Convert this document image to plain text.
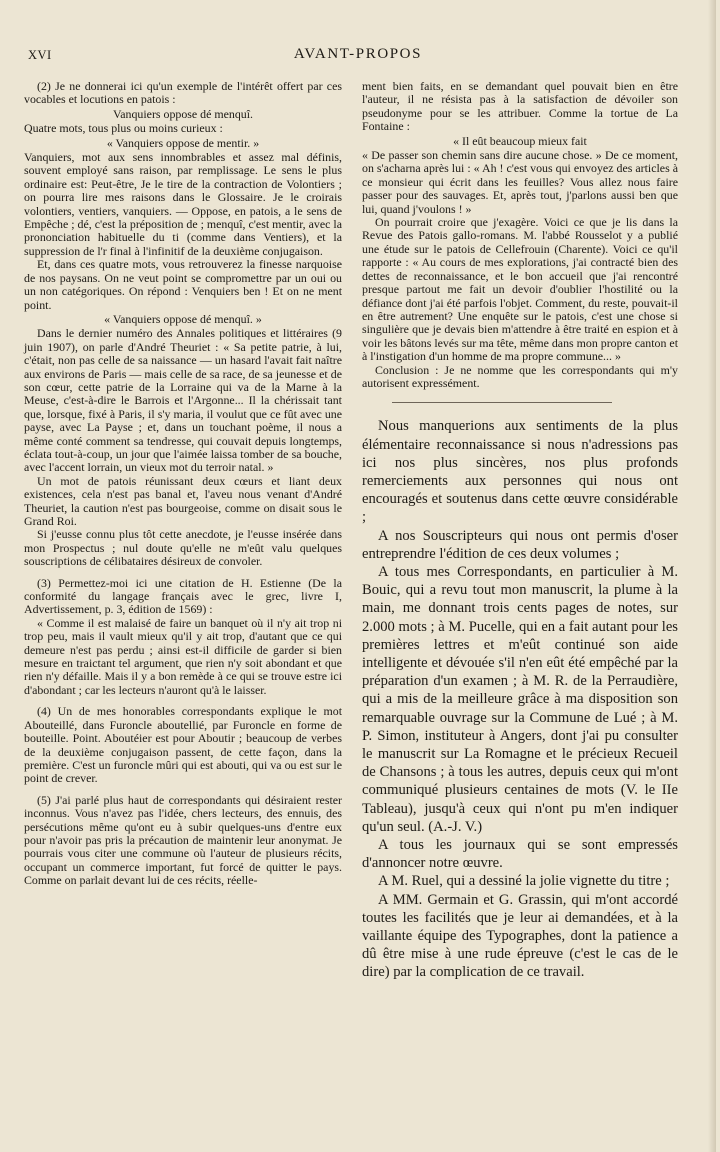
XVI	AVANT-PROPOS

(2) Je ne donnerai ici qu'un exemple de l'intérêt offert par ces vocables et locutions en patois :

Vanquiers oppose dé menquî.

Quatre mots, tous plus ou moins curieux :

« Vanquiers oppose de mentir. »

Vanquiers, mot aux sens innombrables et assez mal définis, souvent employé sans raison, par remplissage. Le sens le plus ordinaire est: Peut-être, Je le tire de la contraction de Volontiers ; on pourra lire mes raisons dans le Glossaire. Je le croirais volontiers, ventiers, vanquiers. — Oppose, en patois, a le sens de Empêche ; dé, c'est la préposition de ; menquî, c'est mentir, avec la prononciation habituelle du ti (comme dans Ventiers), et la suppression de l'r final à l'infinitif de la deuxième conjugaison.

Et, dans ces quatre mots, vous retrouverez la finesse narquoise de nos paysans. On ne veut point se compromettre par un oui ou un non catégoriques. On répond : Venquiers ben ! Et on ne ment point.

« Vanquiers oppose dé menquî. »

Dans le dernier numéro des Annales politiques et littéraires (9 juin 1907), on parle d'André Theuriet : « Sa petite patrie, à lui, c'était, non pas celle de sa naissance — un hasard l'avait fait naître aux environs de Paris — mais celle de sa race, de sa jeunesse et de son cœur, cette patrie de la Lorraine qui va de la Marne à la Meuse, c'est-à-dire le Barrois et l'Argonne... Il la chérissait tant que, lorsque, fixé à Paris, il s'y maria, il voulut que ce fût avec une payse, avec La Payse ; et, dans un touchant poème, il nous a même conté comment sa tendresse, qui couvait depuis longtemps, éclata tout-à-coup, un jour que l'aimée laissa tomber de sa bouche, avec l'accent lorrain, un vieux mot du terroir natal. »

Un mot de patois réunissant deux cœurs et liant deux existences, cela n'est pas banal et, l'aveu nous venant d'André Theuriet, la caution n'est pas bourgeoise, comme on disait sous le Grand Roi.

Si j'eusse connu plus tôt cette anecdote, je l'eusse insérée dans mon Prospectus ; nul doute qu'elle ne m'eût valu quelques souscriptions de célibataires désireux de convoler.

(3) Permettez-moi ici une citation de H. Estienne (De la conformité du langage français avec le grec, livre I, Advertissement, p. 3, édition de 1569) :

« Comme il est malaisé de faire un banquet où il n'y ait trop ni trop peu, mais il vault mieux qu'il y ait trop, d'autant que ce qui demeure n'est pas perdu ; ainsi est-il difficile de garder si bien mesure en traictant tel argument, que rien n'y soit abondant et que rien n'y défaille. Mais il y a bon remède à ce qui se trouve estre ici d'abondant ; car les lecteurs n'auront qu'à le laisser.

(4) Un de mes honorables correspondants explique le mot Abouteillé, dans Furoncle aboutellié, par Furoncle en forme de bouteille. Point. Aboutéier est pour Aboutir ; beaucoup de verbes de la deuxième conjugaison passent, de cette façon, dans la première. C'est un furoncle mûri qui est abouti, qui va ou est sur le point de crever.

(5) J'ai parlé plus haut de correspondants qui désiraient rester inconnus. Vous n'avez pas l'idée, chers lecteurs, des ennuis, des persécutions même qu'ont eu à subir quelques-uns d'entre eux pour n'avoir pas pris la précaution de maintenir leur anonymat. Je pourrais vous citer une commune où l'auteur de plusieurs récits, occupant un commerce important, fut forcé de quitter le pays. Comme on parlait devant lui de ces récits, réelle-

ment bien faits, en se demandant quel pouvait bien en être l'auteur, il ne résista pas à la satisfaction de dévoiler son pseudonyme pour se les attribuer. Comme la tortue de La Fontaine :

« Il eût beaucoup mieux fait

« De passer son chemin sans dire aucune chose. » De ce moment, on s'acharna après lui : « Ah ! c'est vous qui envoyez des articles à ce monsieur qui écrit dans les feuilles? Vous allez nous faire passer pour des sauvages. Et, après tout, j'parlons aussi ben que lui, quand j'voulons ! »

On pourrait croire que j'exagère. Voici ce que je lis dans la Revue des Patois gallo-romans. M. l'abbé Rousselot y a publié une étude sur le patois de Cellefrouin (Charente). Voici ce qu'il rapporte : « Au cours de mes explorations, j'ai contracté bien des dettes de reconnaissance, et le bon accueil que j'ai rencontré presque partout me fait un devoir d'oublier l'hostilité ou la défiance dont j'ai été parfois l'objet. Comment, du reste, pouvait-il en être autrement? Une enquête sur le patois, c'est une chose si singulière que je devais bien m'attendre à être traité en espion et à voir les bâtons levés sur ma tête, même dans mon propre canton et à l'instigation d'un homme de ma propre commune... »

Conclusion : Je ne nomme que les correspondants qui m'y autorisent expressément.

Nous manquerions aux sentiments de la plus élémentaire reconnaissance si nous n'adressions pas ici nos plus sincères, nos plus profonds remerciements aux personnes qui nous ont encouragés et soutenus dans cette œuvre considérable ;

A nos Souscripteurs qui nous ont permis d'oser entreprendre l'édition de ces deux volumes ;

A tous mes Correspondants, en particulier à M. Bouic, qui a revu tout mon manuscrit, la plume à la main, me donnant trois cents pages de notes, sur 2.000 mots ; à M. Pucelle, qui en a fait autant pour les premières lettres et m'eût continué son aide intelligente et dévouée s'il n'en eût été empêché par la préparation d'un examen ; à M. R. de la Perraudière, qui a mis de la meilleure grâce à ma disposition son remarquable ouvrage sur la Commune de Lué ; à M. P. Simon, instituteur à Angers, dont j'ai pu consulter le manuscrit sur La Romagne et le précieux Recueil de Chansons ; à tous les autres, depuis ceux qui m'ont communiqué plusieurs centaines de mots (V. le IIe Tableau), jusqu'à ceux qui n'ont pu m'en indiquer qu'un seul. (A.-J. V.)

A tous les journaux qui se sont empressés d'annoncer notre œuvre.

A M. Ruel, qui a dessiné la jolie vignette du titre ;

A MM. Germain et G. Grassin, qui m'ont accordé toutes les facilités que je leur ai demandées, et à la vaillante équipe des Typographes, dont la patience a dû être mise à une rude épreuve (c'est le cas de le dire) par la complication de ce travail.
